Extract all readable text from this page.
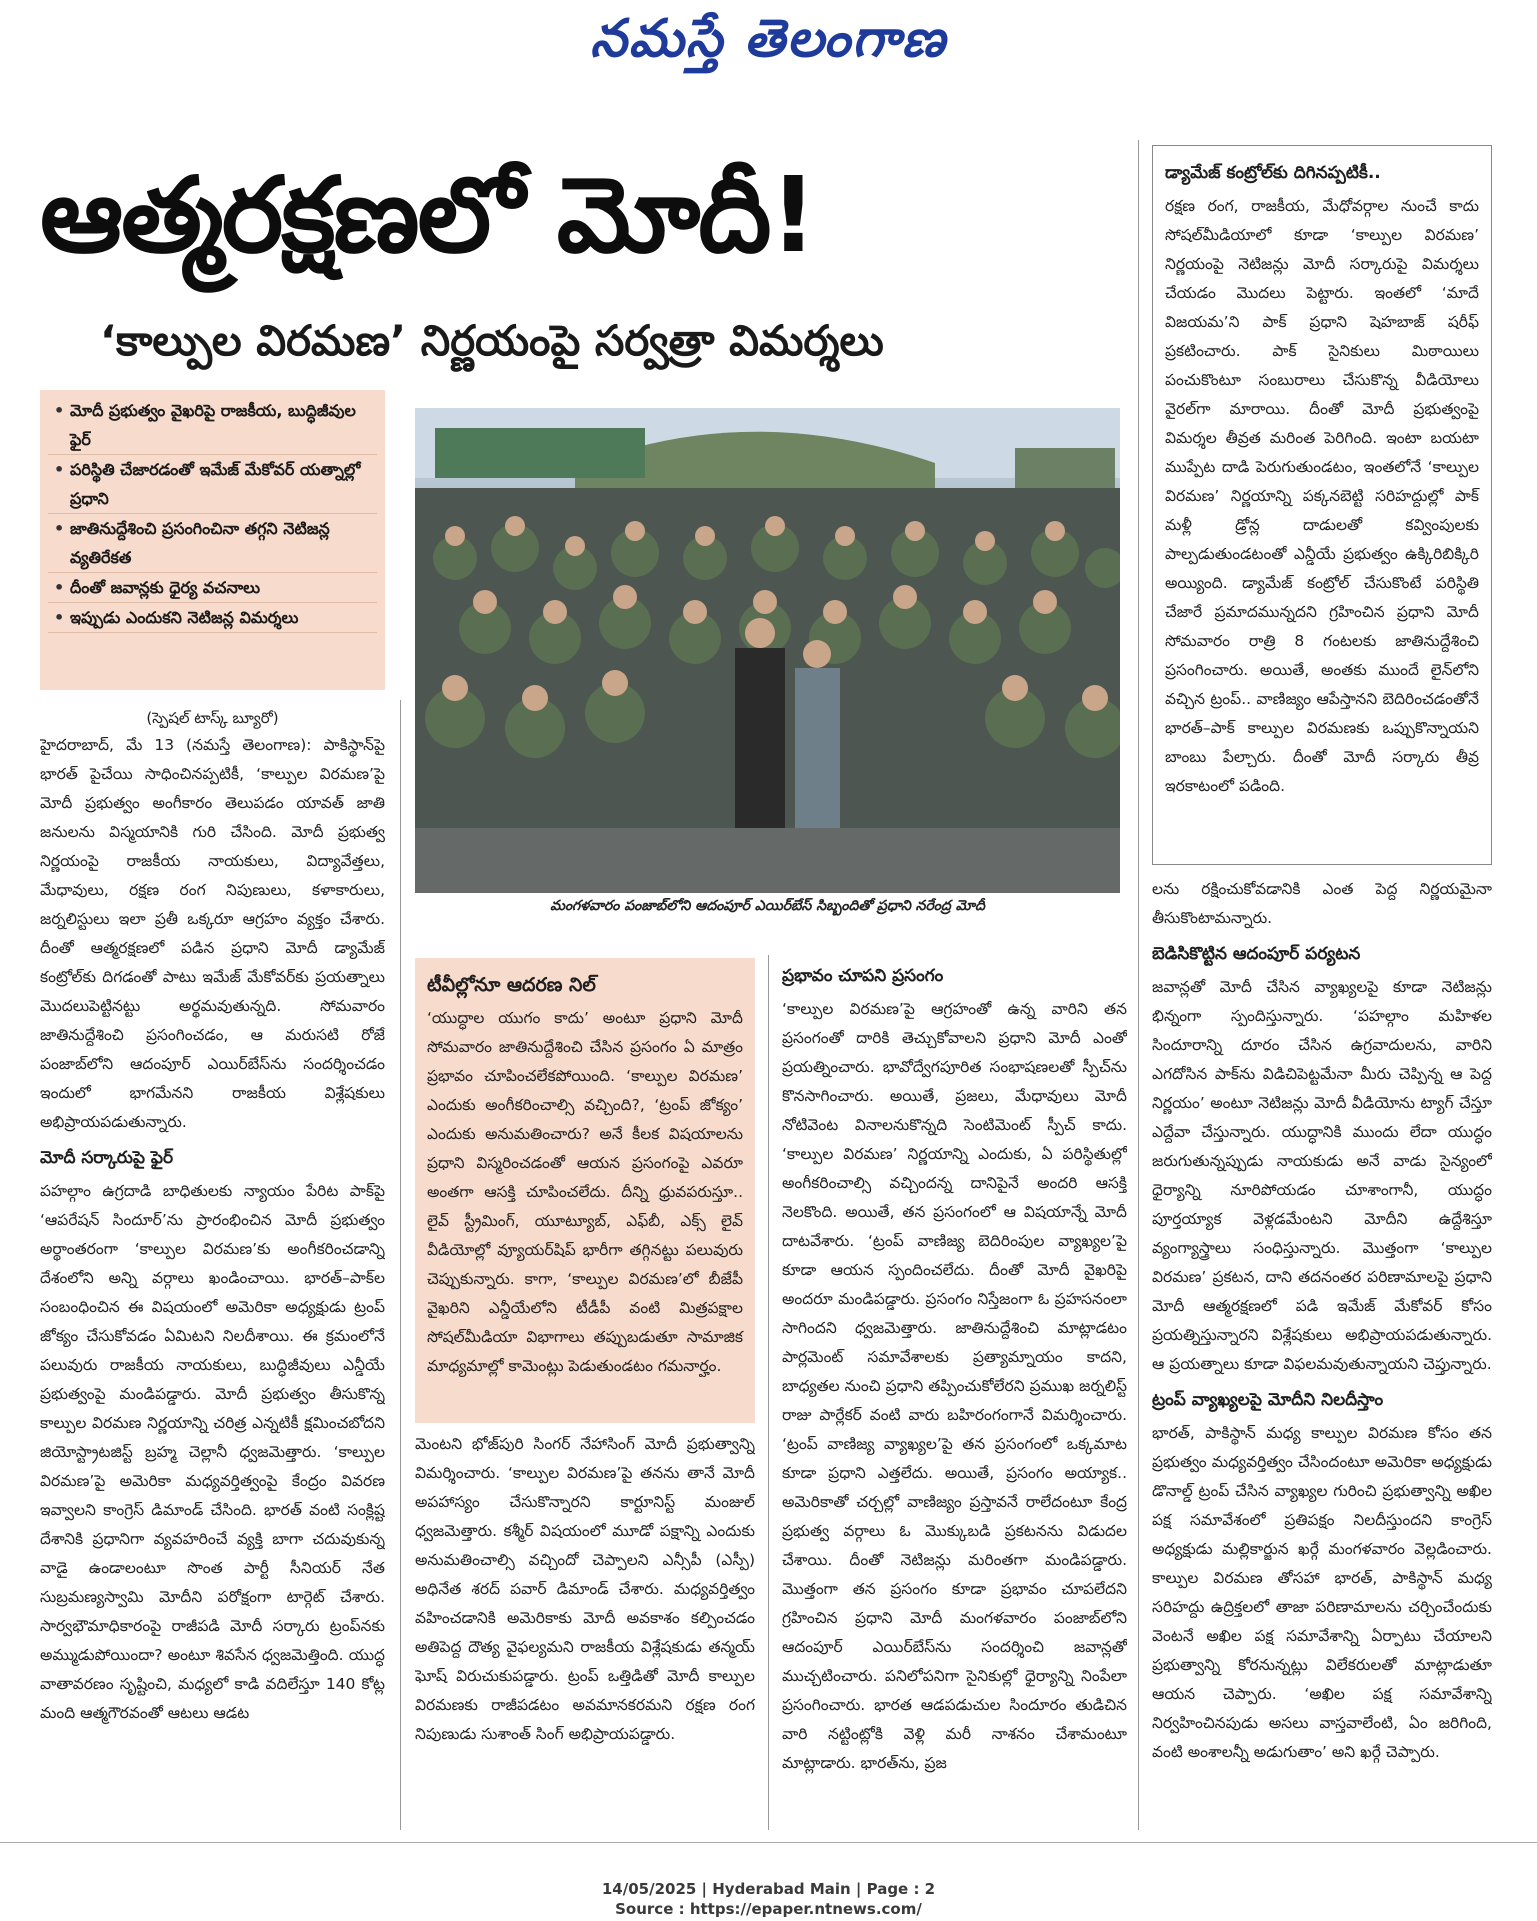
నమస్తే తెలంగాణ
ఆత్మరక్షణలో మోదీ!
‘కాల్పుల విరమణ’ నిర్ణయంపై సర్వత్రా విమర్శలు
• మోదీ ప్రభుత్వం వైఖరిపై రాజకీయ, బుద్ధిజీవుల ఫైర్
• పరిస్థితి చేజారడంతో ఇమేజ్ మేకోవర్ యత్నాల్లో ప్రధాని
• జాతినుద్దేశించి ప్రసంగించినా తగ్గని నెటిజన్ల వ్యతిరేకత
• దీంతో జవాన్లకు ధైర్య వచనాలు
• ఇప్పుడు ఎందుకని నెటిజన్ల విమర్శలు
మంగళవారం పంజాబ్‌లోని ఆదంపూర్ ఎయిర్‌బేస్ సిబ్బందితో ప్రధాని నరేంద్ర మోదీ
(స్పెషల్ టాస్క్ బ్యూరో)

హైదరాబాద్, మే 13 (నమస్తే తెలంగాణ): పాకిస్థాన్‌పై భారత్ పైచేయి సాధించినప్పటికీ, ‘కాల్పుల విరమణ’పై మోదీ ప్రభుత్వం అంగీకారం తెలుపడం యావత్ జాతి జనులను విస్మయానికి గురి చేసింది. మోదీ ప్రభుత్వ నిర్ణయంపై రాజకీయ నాయకులు, విద్యావేత్తలు, మేధావులు, రక్షణ రంగ నిపుణులు, కళాకారులు, జర్నలిస్టులు ఇలా ప్రతీ ఒక్కరూ ఆగ్రహం వ్యక్తం చేశారు. దీంతో ఆత్మరక్షణలో పడిన ప్రధాని మోదీ డ్యామేజ్ కంట్రోల్‌కు దిగడంతో పాటు ఇమేజ్ మేకోవర్‌కు ప్రయత్నాలు మొదలుపెట్టినట్టు అర్థమవుతున్నది. సోమవారం జాతినుద్దేశించి ప్రసంగించడం, ఆ మరుసటి రోజే పంజాబ్‌లోని ఆదంపూర్ ఎయిర్‌బేస్‌ను సందర్శించడం ఇందులో భాగమేనని రాజకీయ విశ్లేషకులు అభిప్రాయపడుతున్నారు.

మోదీ సర్కారుపై ఫైర్

పహల్గాం ఉగ్రదాడి బాధితులకు న్యాయం పేరిట పాక్‌పై ‘ఆపరేషన్ సిందూర్’ను ప్రారంభించిన మోదీ ప్రభుత్వం అర్థాంతరంగా ‘కాల్పుల విరమణ’కు అంగీకరించడాన్ని దేశంలోని అన్ని వర్గాలు ఖండించాయి. భారత్–పాక్‌ల సంబంధించిన ఈ విషయంలో అమెరికా అధ్యక్షుడు ట్రంప్ జోక్యం చేసుకోవడం ఏమిటని నిలదీశాయి. ఈ క్రమంలోనే పలువురు రాజకీయ నాయకులు, బుద్ధిజీవులు ఎన్డీయే ప్రభుత్వంపై మండిపడ్డారు. మోదీ ప్రభుత్వం తీసుకొన్న కాల్పుల విరమణ నిర్ణయాన్ని చరిత్ర ఎన్నటికీ క్షమించబోదని జియోస్ట్రాటజిస్ట్ బ్రహ్మ చెల్లానీ ధ్వజమెత్తారు. ‘కాల్పుల విరమణ’పై అమెరికా మధ్యవర్తిత్వంపై కేంద్రం వివరణ ఇవ్వాలని కాంగ్రెస్ డిమాండ్ చేసింది. భారత్ వంటి సంక్లిష్ట దేశానికి ప్రధానిగా వ్యవహరించే వ్యక్తి బాగా చదువుకున్న వాడై ఉండాలంటూ సొంత పార్టీ సీనియర్ నేత సుబ్రమణ్యస్వామి మోదీని పరోక్షంగా టార్గెట్ చేశారు. సార్వభౌమాధికారంపై రాజీపడి మోదీ సర్కారు ట్రంప్‌నకు అమ్ముడుపోయిందా? అంటూ శివసేన ధ్వజమెత్తింది. యుద్ధ వాతావరణం సృష్టించి, మధ్యలో కాడి వదిలేస్తూ 140 కోట్ల మంది ఆత్మగౌరవంతో ఆటలు ఆడట

టీవీల్లోనూ ఆదరణ నిల్

‘యుద్ధాల యుగం కాదు’ అంటూ ప్రధాని మోదీ సోమవారం జాతినుద్దేశించి చేసిన ప్రసంగం ఏ మాత్రం ప్రభావం చూపించలేకపోయింది. ‘కాల్పుల విరమణ’ ఎందుకు అంగీకరించాల్సి వచ్చింది?, ‘ట్రంప్ జోక్యం’ ఎందుకు అనుమతించారు? అనే కీలక విషయాలను ప్రధాని విస్మరించడంతో ఆయన ప్రసంగంపై ఎవరూ అంతగా ఆసక్తి చూపించలేదు. దీన్ని ధ్రువపరుస్తూ.. లైవ్ స్ట్రీమింగ్, యూట్యూబ్, ఎఫ్‌బీ, ఎక్స్ లైవ్ వీడియోల్లో వ్యూయర్‌షిప్ భారీగా తగ్గినట్టు పలువురు చెప్పుకున్నారు. కాగా, ‘కాల్పుల విరమణ’లో బీజేపీ వైఖరిని ఎన్డీయేలోని టీడీపీ వంటి మిత్రపక్షాల సోషల్‌మీడియా విభాగాలు తప్పుబడుతూ సామాజిక మాధ్యమాల్లో కామెంట్లు పెడుతుండటం గమనార్హం.

మెంటని భోజ్‌పురి సింగర్ నేహాసింగ్ మోదీ ప్రభుత్వాన్ని విమర్శించారు. ‘కాల్పుల విరమణ’పై తనను తానే మోదీ అపహాస్యం చేసుకొన్నారని కార్టూనిస్ట్ మంజుల్ ధ్వజమెత్తారు. కశ్మీర్ విషయంలో మూడో పక్షాన్ని ఎందుకు అనుమతించాల్సి వచ్చిందో చెప్పాలని ఎన్సీపీ (ఎస్పీ) అధినేత శరద్ పవార్ డిమాండ్ చేశారు. మధ్యవర్తిత్వం వహించడానికి అమెరికాకు మోదీ అవకాశం కల్పించడం అతిపెద్ద దౌత్య వైఫల్యమని రాజకీయ విశ్లేషకుడు తన్మయ్ ఘోష్ విరుచుకుపడ్డారు. ట్రంప్ ఒత్తిడితో మోదీ కాల్పుల విరమణకు రాజీపడటం అవమానకరమని రక్షణ రంగ నిపుణుడు సుశాంత్ సింగ్ అభిప్రాయపడ్డారు.

ప్రభావం చూపని ప్రసంగం

‘కాల్పుల విరమణ’పై ఆగ్రహంతో ఉన్న వారిని తన ప్రసంగంతో దారికి తెచ్చుకోవాలని ప్రధాని మోదీ ఎంతో ప్రయత్నించారు. భావోద్వేగపూరిత సంభాషణలతో స్పీచ్‌ను కొనసాగించారు. అయితే, ప్రజలు, మేధావులు మోదీ నోటివెంట వినాలనుకొన్నది సెంటిమెంట్ స్పీచ్ కాదు. ‘కాల్పుల విరమణ’ నిర్ణయాన్ని ఎందుకు, ఏ పరిస్థితుల్లో అంగీకరించాల్సి వచ్చిందన్న దానిపైనే అందరి ఆసక్తి నెలకొంది. అయితే, తన ప్రసంగంలో ఆ విషయాన్నే మోదీ దాటవేశారు. ‘ట్రంప్ వాణిజ్య బెదిరింపుల వ్యాఖ్యల’పై కూడా ఆయన స్పందించలేదు. దీంతో మోదీ వైఖరిపై అందరూ మండిపడ్డారు. ప్రసంగం నిస్తేజంగా ఓ ప్రహసనంలా సాగిందని ధ్వజమెత్తారు. జాతినుద్దేశించి మాట్లాడటం పార్లమెంట్ సమావేశాలకు ప్రత్యామ్నాయం కాదని, బాధ్యతల నుంచి ప్రధాని తప్పించుకోలేరని ప్రముఖ జర్నలిస్ట్ రాజు పార్లేకర్ వంటి వారు బహిరంగంగానే విమర్శించారు. ‘ట్రంప్ వాణిజ్య వ్యాఖ్యల’పై తన ప్రసంగంలో ఒక్కమాట కూడా ప్రధాని ఎత్తలేదు. అయితే, ప్రసంగం అయ్యాక.. అమెరికాతో చర్చల్లో వాణిజ్యం ప్రస్తావనే రాలేదంటూ కేంద్ర ప్రభుత్వ వర్గాలు ఓ మొక్కుబడి ప్రకటనను విడుదల చేశాయి. దీంతో నెటిజన్లు మరింతగా మండిపడ్డారు. మొత్తంగా తన ప్రసంగం కూడా ప్రభావం చూపలేదని గ్రహించిన ప్రధాని మోదీ మంగళవారం పంజాబ్‌లోని ఆదంపూర్ ఎయిర్‌బేస్‌ను సందర్శించి జవాన్లతో ముచ్చటించారు. పనిలోపనిగా సైనికుల్లో ధైర్యాన్ని నింపేలా ప్రసంగించారు. భారత ఆడపడుచుల సిందూరం తుడిచిన వారి నట్టింట్లోకి వెళ్లి మరీ నాశనం చేశామంటూ మాట్లాడారు. భారత్‌ను, ప్రజ

డ్యామేజ్ కంట్రోల్‌కు దిగినప్పటికీ..

రక్షణ రంగ, రాజకీయ, మేధోవర్గాల నుంచే కాదు సోషల్‌మీడియాలో కూడా ‘కాల్పుల విరమణ’ నిర్ణయంపై నెటిజన్లు మోదీ సర్కారుపై విమర్శలు చేయడం మొదలు పెట్టారు. ఇంతలో ‘మాదే విజయమ’ని పాక్ ప్రధాని షెహబాజ్ షరీఫ్ ప్రకటించారు. పాక్ సైనికులు మిఠాయిలు పంచుకొంటూ సంబురాలు చేసుకొన్న వీడియోలు వైరల్‌గా మారాయి. దీంతో మోదీ ప్రభుత్వంపై విమర్శల తీవ్రత మరింత పెరిగింది. ఇంటా బయటా ముప్పేట దాడి పెరుగుతుండటం, ఇంతలోనే ‘కాల్పుల విరమణ’ నిర్ణయాన్ని పక్కనబెట్టి సరిహద్దుల్లో పాక్ మళ్లీ డ్రోన్ల దాడులతో కవ్వింపులకు పాల్పడుతుండటంతో ఎన్డీయే ప్రభుత్వం ఉక్కిరిబిక్కిరి అయ్యింది. డ్యామేజ్ కంట్రోల్ చేసుకొంటే పరిస్థితి చేజారే ప్రమాదమున్నదని గ్రహించిన ప్రధాని మోదీ సోమవారం రాత్రి 8 గంటలకు జాతినుద్దేశించి ప్రసంగించారు. అయితే, అంతకు ముందే లైన్‌లోని వచ్చిన ట్రంప్.. వాణిజ్యం ఆపేస్తానని బెదిరించడంతోనే భారత్–పాక్ కాల్పుల విరమణకు ఒప్పుకొన్నాయని బాంబు పేల్చారు. దీంతో మోదీ సర్కారు తీవ్ర ఇరకాటంలో పడింది.

లను రక్షించుకోవడానికి ఎంత పెద్ద నిర్ణయమైనా తీసుకొంటామన్నారు.

బెడిసికొట్టిన ఆదంపూర్ పర్యటన

జవాన్లతో మోదీ చేసిన వ్యాఖ్యలపై కూడా నెటిజన్లు భిన్నంగా స్పందిస్తున్నారు. ‘పహల్గాం మహిళల సిందూరాన్ని దూరం చేసిన ఉగ్రవాదులను, వారిని ఎగదోసిన పాక్‌ను విడిచిపెట్టమేనా మీరు చెప్పిన్న ఆ పెద్ద నిర్ణయం’ అంటూ నెటిజన్లు మోదీ వీడియోను ట్యాగ్ చేస్తూ ఎద్దేవా చేస్తున్నారు. యుద్ధానికి ముందు లేదా యుద్ధం జరుగుతున్నప్పుడు నాయకుడు అనే వాడు సైన్యంలో ధైర్యాన్ని నూరిపోయడం చూశాంగానీ, యుద్ధం పూర్తయ్యాక వెళ్లడమేంటని మోదీని ఉద్దేశిస్తూ వ్యంగ్యాస్త్రాలు సంధిస్తున్నారు. మొత్తంగా ‘కాల్పుల విరమణ’ ప్రకటన, దాని తదనంతర పరిణామాలపై ప్రధాని మోదీ ఆత్మరక్షణలో పడి ఇమేజ్ మేకోవర్ కోసం ప్రయత్నిస్తున్నారని విశ్లేషకులు అభిప్రాయపడుతున్నారు. ఆ ప్రయత్నాలు కూడా విఫలమవుతున్నాయని చెప్తున్నారు.

ట్రంప్ వ్యాఖ్యలపై మోదీని నిలదీస్తాం

భారత్, పాకిస్థాన్ మధ్య కాల్పుల విరమణ కోసం తన ప్రభుత్వం మధ్యవర్తిత్వం చేసిందంటూ అమెరికా అధ్యక్షుడు డొనాల్డ్ ట్రంప్ చేసిన వ్యాఖ్యల గురించి ప్రభుత్వాన్ని అఖిల పక్ష సమావేశంలో ప్రతిపక్షం నిలదీస్తుందని కాంగ్రెస్ అధ్యక్షుడు మల్లికార్జున ఖర్గే మంగళవారం వెల్లడించారు. కాల్పుల విరమణ తోసహా భారత్, పాకిస్థాన్ మధ్య సరిహద్దు ఉద్రిక్తలలో తాజా పరిణామాలను చర్చించేందుకు వెంటనే అఖిల పక్ష సమావేశాన్ని ఏర్పాటు చేయాలని ప్రభుత్వాన్ని కోరనున్నట్లు విలేకరులతో మాట్లాడుతూ ఆయన చెప్పారు. ‘అఖిల పక్ష సమావేశాన్ని నిర్వహించినపుడు అసలు వాస్తవాలేంటి, ఏం జరిగింది, వంటి అంశాలన్నీ అడుగుతాం’ అని ఖర్గే చెప్పారు.

14/05/2025 | Hyderabad Main | Page : 2
Source : https://epaper.ntnews.com/
